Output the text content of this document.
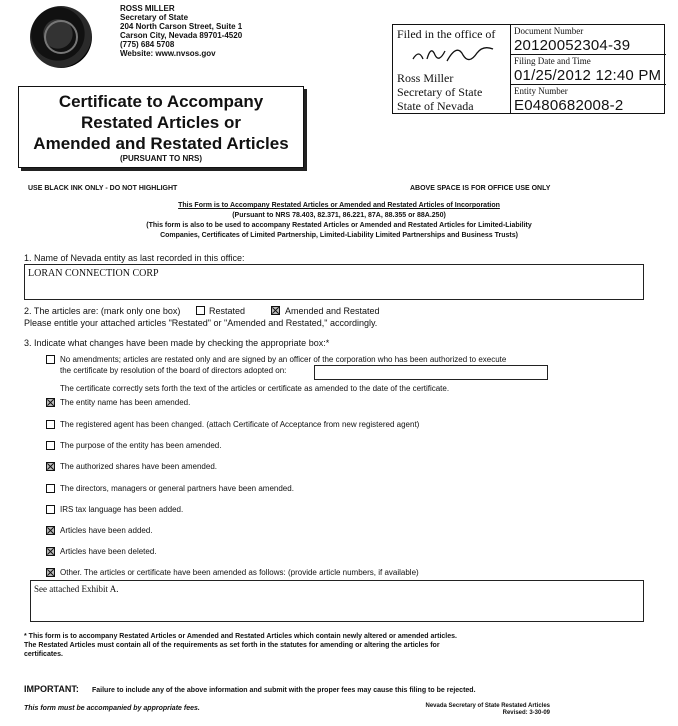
ROSS MILLER
Secretary of State
204 North Carson Street, Suite 1
Carson City, Nevada 89701-4520
(775) 684 5708
Website: www.nvsos.gov
Filed in the office of
Ross Miller
Secretary of State
State of Nevada
Document Number
20120052304-39
Filing Date and Time
01/25/2012 12:40 PM
Entity Number
E0480682008-2
Certificate to Accompany
Restated Articles or
Amended and Restated Articles
(PURSUANT TO NRS)
USE BLACK INK ONLY - DO NOT HIGHLIGHT	ABOVE SPACE IS FOR OFFICE USE ONLY
This Form is to Accompany Restated Articles or Amended and Restated Articles of Incorporation
(Pursuant to NRS 78.403, 82.371, 86.221, 87A, 88.355 or 88A.250)
(This form is also to be used to accompany Restated Articles or Amended and Restated Articles for Limited-Liability
Companies, Certificates of Limited Partnership, Limited-Liability Limited Partnerships and Business Trusts)
1. Name of Nevada entity as last recorded in this office:
LORAN CONNECTION CORP
2. The articles are: (mark only one box)	Restated	Amended and Restated
Please entitle your attached articles "Restated" or "Amended and Restated," accordingly.
3. Indicate what changes have been made by checking the appropriate box:*
No amendments; articles are restated only and are signed by an officer of the corporation who has been authorized to execute
the certificate by resolution of the board of directors adopted on:
The certificate correctly sets forth the text of the articles or certificate as amended to the date of the certificate.
The entity name has been amended.
The registered agent has been changed. (attach Certificate of Acceptance from new registered agent)
The purpose of the entity has been amended.
The authorized shares have been amended.
The directors, managers or general partners have been amended.
IRS tax language has been added.
Articles have been added.
Articles have been deleted.
Other. The articles or certificate have been amended as follows: (provide article numbers, if available)
See attached Exhibit A.
* This form is to accompany Restated Articles or Amended and Restated Articles which contain newly altered or amended articles.
The Restated Articles must contain all of the requirements as set forth in the statutes for amending or altering the articles for
certificates.
IMPORTANT: Failure to include any of the above information and submit with the proper fees may cause this filing to be rejected.
This form must be accompanied by appropriate fees.	Nevada Secretary of State Restated Articles
Revised: 3-30-09
